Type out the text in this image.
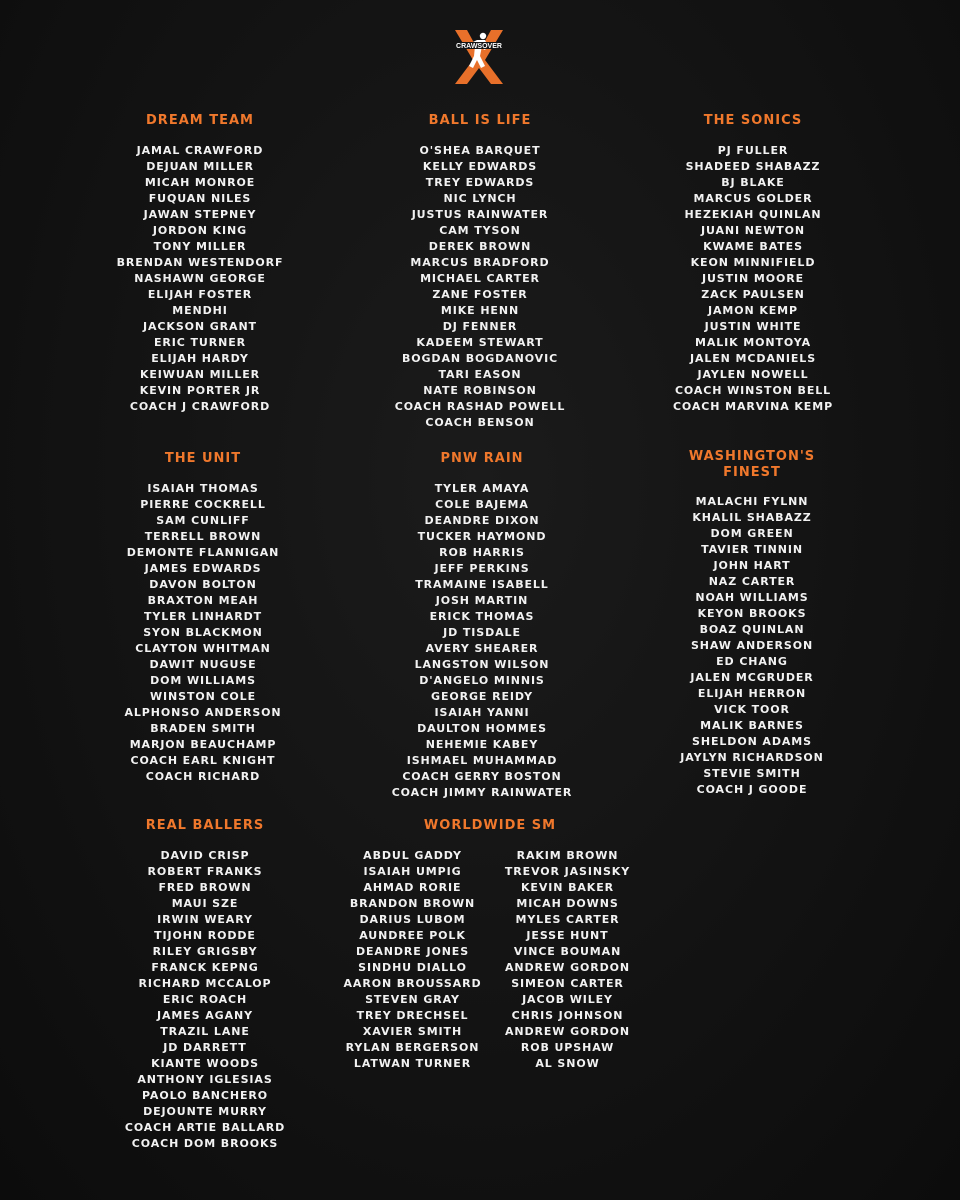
CRAWSOVER
DREAM TEAM
JAMAL CRAWFORD
DEJUAN MILLER
MICAH MONROE
FUQUAN NILES
JAWAN STEPNEY
JORDON KING
TONY MILLER
BRENDAN WESTENDORF
NASHAWN GEORGE
ELIJAH FOSTER
MENDHI
JACKSON GRANT
ERIC TURNER
ELIJAH HARDY
KEIWUAN MILLER
KEVIN PORTER JR
COACH J CRAWFORD
BALL IS LIFE
O'SHEA BARQUET
KELLY EDWARDS
TREY EDWARDS
NIC LYNCH
JUSTUS RAINWATER
CAM TYSON
DEREK BROWN
MARCUS BRADFORD
MICHAEL CARTER
ZANE FOSTER
MIKE HENN
DJ FENNER
KADEEM STEWART
BOGDAN BOGDANOVIC
TARI EASON
NATE ROBINSON
COACH RASHAD POWELL
COACH BENSON
THE SONICS
PJ FULLER
SHADEED SHABAZZ
BJ BLAKE
MARCUS GOLDER
HEZEKIAH QUINLAN
JUANI NEWTON
KWAME BATES
KEON MINNIFIELD
JUSTIN MOORE
ZACK PAULSEN
JAMON KEMP
JUSTIN WHITE
MALIK MONTOYA
JALEN MCDANIELS
JAYLEN NOWELL
COACH WINSTON BELL
COACH MARVINA KEMP
THE UNIT
ISAIAH THOMAS
PIERRE COCKRELL
SAM CUNLIFF
TERRELL BROWN
DEMONTE FLANNIGAN
JAMES EDWARDS
DAVON BOLTON
BRAXTON MEAH
TYLER LINHARDT
SYON BLACKMON
CLAYTON WHITMAN
DAWIT NUGUSE
DOM WILLIAMS
WINSTON COLE
ALPHONSO ANDERSON
BRADEN SMITH
MARJON BEAUCHAMP
COACH EARL KNIGHT
COACH RICHARD
PNW RAIN
TYLER AMAYA
COLE BAJEMA
DEANDRE DIXON
TUCKER HAYMOND
ROB HARRIS
JEFF PERKINS
TRAMAINE ISABELL
JOSH MARTIN
ERICK THOMAS
JD TISDALE
AVERY SHEARER
LANGSTON WILSON
D'ANGELO MINNIS
GEORGE REIDY
ISAIAH YANNI
DAULTON HOMMES
NEHEMIE KABEY
ISHMAEL MUHAMMAD
COACH GERRY BOSTON
COACH JIMMY RAINWATER
WASHINGTON'S
FINEST
MALACHI FYLNN
KHALIL SHABAZZ
DOM GREEN
TAVIER TINNIN
JOHN HART
NAZ CARTER
NOAH WILLIAMS
KEYON BROOKS
BOAZ QUINLAN
SHAW ANDERSON
ED CHANG
JALEN MCGRUDER
ELIJAH HERRON
VICK TOOR
MALIK BARNES
SHELDON ADAMS
JAYLYN RICHARDSON
STEVIE SMITH
COACH J GOODE
REAL BALLERS
DAVID CRISP
ROBERT FRANKS
FRED BROWN
MAUI SZE
IRWIN WEARY
TIJOHN RODDE
RILEY GRIGSBY
FRANCK KEPNG
RICHARD MCCALOP
ERIC ROACH
JAMES AGANY
TRAZIL LANE
JD DARRETT
KIANTE WOODS
ANTHONY IGLESIAS
PAOLO BANCHERO
DEJOUNTE MURRY
COACH ARTIE BALLARD
COACH DOM BROOKS
WORLDWIDE SM
ABDUL GADDY
ISAIAH UMPIG
AHMAD RORIE
BRANDON BROWN
DARIUS LUBOM
AUNDREE POLK
DEANDRE JONES
SINDHU DIALLO
AARON BROUSSARD
STEVEN GRAY
TREY DRECHSEL
XAVIER SMITH
RYLAN BERGERSON
LATWAN TURNER
RAKIM BROWN
TREVOR JASINSKY
KEVIN BAKER
MICAH DOWNS
MYLES CARTER
JESSE HUNT
VINCE BOUMAN
ANDREW GORDON
SIMEON CARTER
JACOB WILEY
CHRIS JOHNSON
ANDREW GORDON
ROB UPSHAW
AL SNOW
